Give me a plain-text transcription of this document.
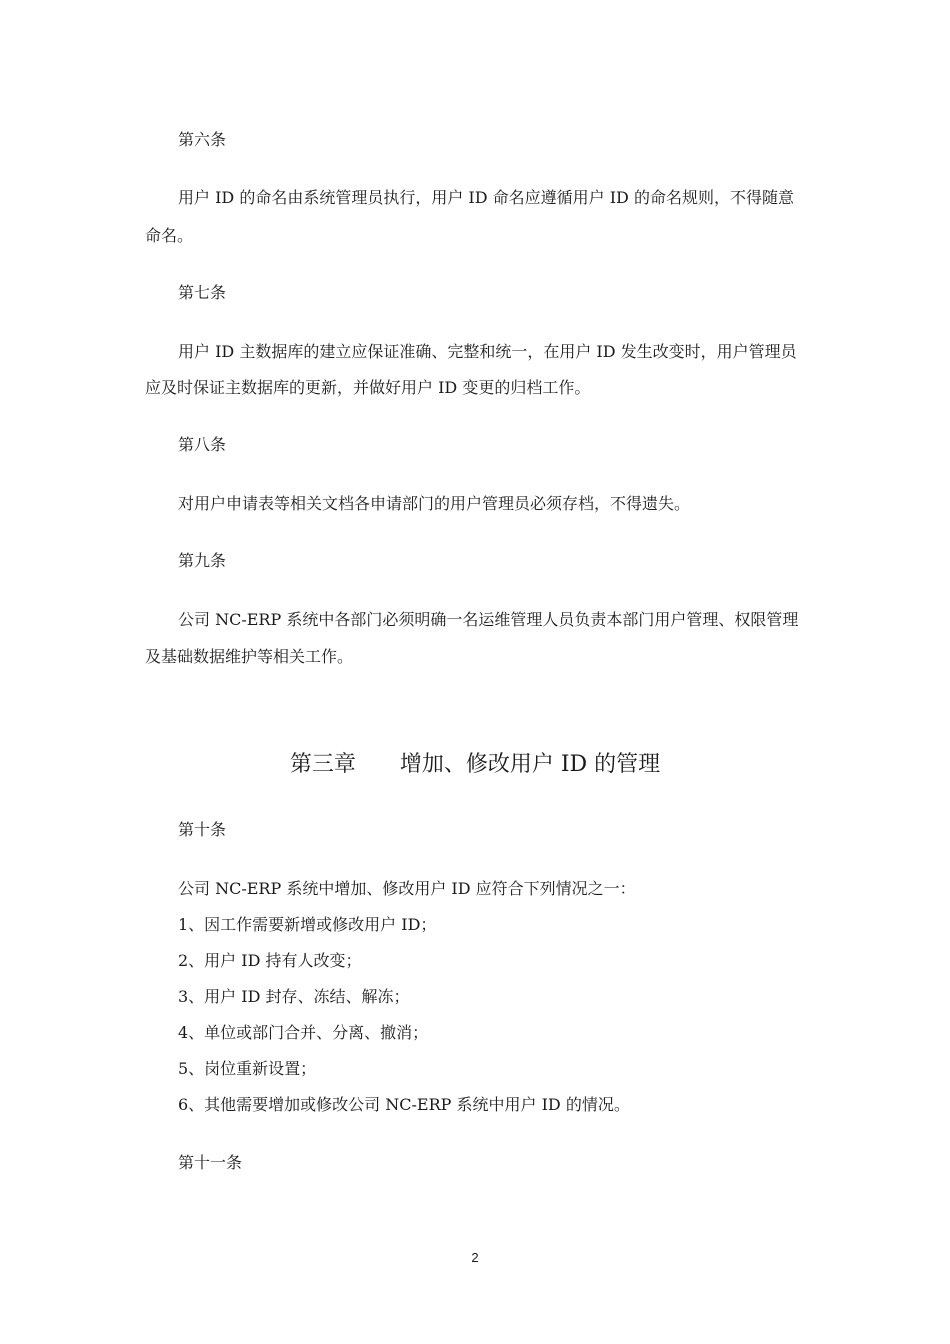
第六条

用户 ID 的命名由系统管理员执行，用户 ID 命名应遵循用户 ID 的命名规则，不得随意

命名。

第七条

用户 ID 主数据库的建立应保证准确、完整和统一，在用户 ID 发生改变时，用户管理员

应及时保证主数据库的更新，并做好用户 ID 变更的归档工作。

第八条

对用户申请表等相关文档各申请部门的用户管理员必须存档，不得遗失。

第九条

公司 NC-ERP 系统中各部门必须明确一名运维管理人员负责本部门用户管理、权限管理

及基础数据维护等相关工作。

第三章 增加、修改用户 ID 的管理

第十条

公司 NC-ERP 系统中增加、修改用户 ID 应符合下列情况之一：

1、因工作需要新增或修改用户 ID；

2、用户 ID 持有人改变；

3、用户 ID 封存、冻结、解冻；

4、单位或部门合并、分离、撤消；

5、岗位重新设置；

6、其他需要增加或修改公司 NC-ERP 系统中用户 ID 的情况。

第十一条

2
